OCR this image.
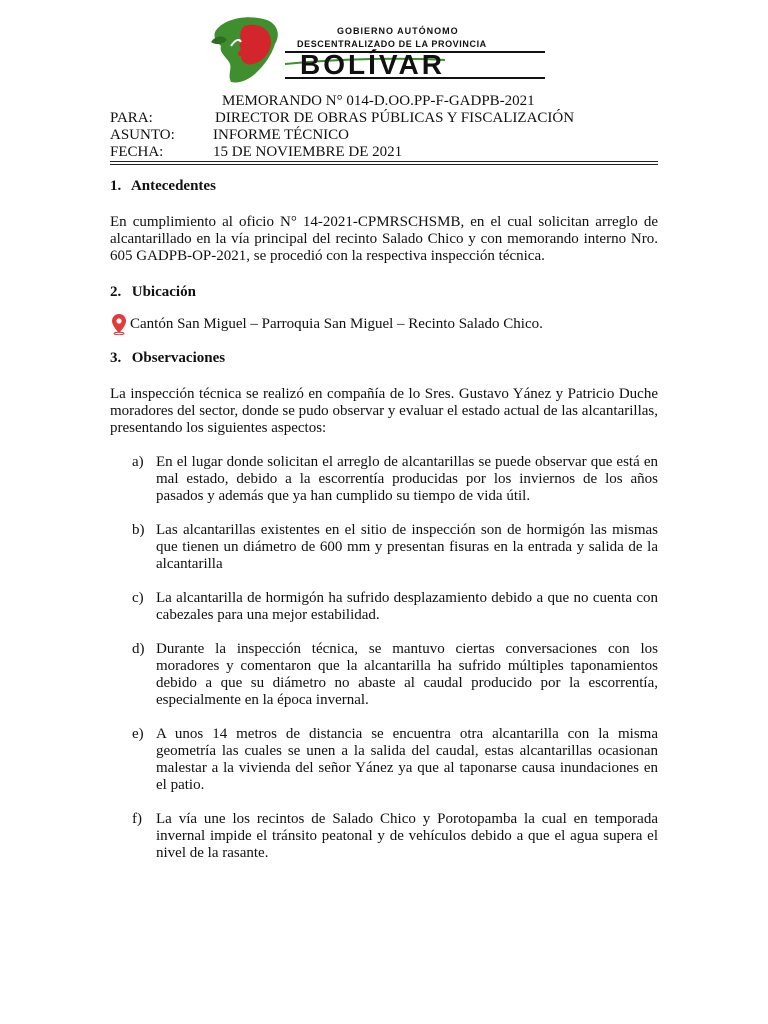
GOBIERNO AUTÓNOMO
DESCENTRALIZADO DE LA PROVINCIA
BOLÍVAR
MEMORANDO N° 014-D.OO.PP-F-GADPB-2021
PARA:	DIRECTOR DE OBRAS PÚBLICAS Y FISCALIZACIÓN
ASUNTO:	INFORME TÉCNICO
FECHA:	15 DE NOVIEMBRE DE 2021
1. Antecedentes

En cumplimiento al oficio N° 14-2021-CPMRSCHSMB, en el cual solicitan arreglo de alcantarillado en la vía principal del recinto Salado Chico y con memorando interno Nro. 605 GADPB-OP-2021, se procedió con la respectiva inspección técnica.

2. Ubicación
Cantón San Miguel – Parroquia San Miguel – Recinto Salado Chico.
3. Observaciones

La inspección técnica se realizó en compañía de lo Sres. Gustavo Yánez y Patricio Duche moradores del sector, donde se pudo observar y evaluar el estado actual de las alcantarillas, presentando los siguientes aspectos:

a) En el lugar donde solicitan el arreglo de alcantarillas se puede observar que está en mal estado, debido a la escorrentía producidas por los inviernos de los años pasados y además que ya han cumplido su tiempo de vida útil.
b) Las alcantarillas existentes en el sitio de inspección son de hormigón las mismas que tienen un diámetro de 600 mm y presentan fisuras en la entrada y salida de la alcantarilla
c) La alcantarilla de hormigón ha sufrido desplazamiento debido a que no cuenta con cabezales para una mejor estabilidad.
d) Durante la inspección técnica, se mantuvo ciertas conversaciones con los moradores y comentaron que la alcantarilla ha sufrido múltiples taponamientos debido a que su diámetro no abaste al caudal producido por la escorrentía, especialmente en la época invernal.
e) A unos 14 metros de distancia se encuentra otra alcantarilla con la misma geometría las cuales se unen a la salida del caudal, estas alcantarillas ocasionan malestar a la vivienda del señor Yánez ya que al taponarse causa inundaciones en el patio.
f) La vía une los recintos de Salado Chico y Porotopamba la cual en temporada invernal impide el tránsito peatonal y de vehículos debido a que el agua supera el nivel de la rasante.
